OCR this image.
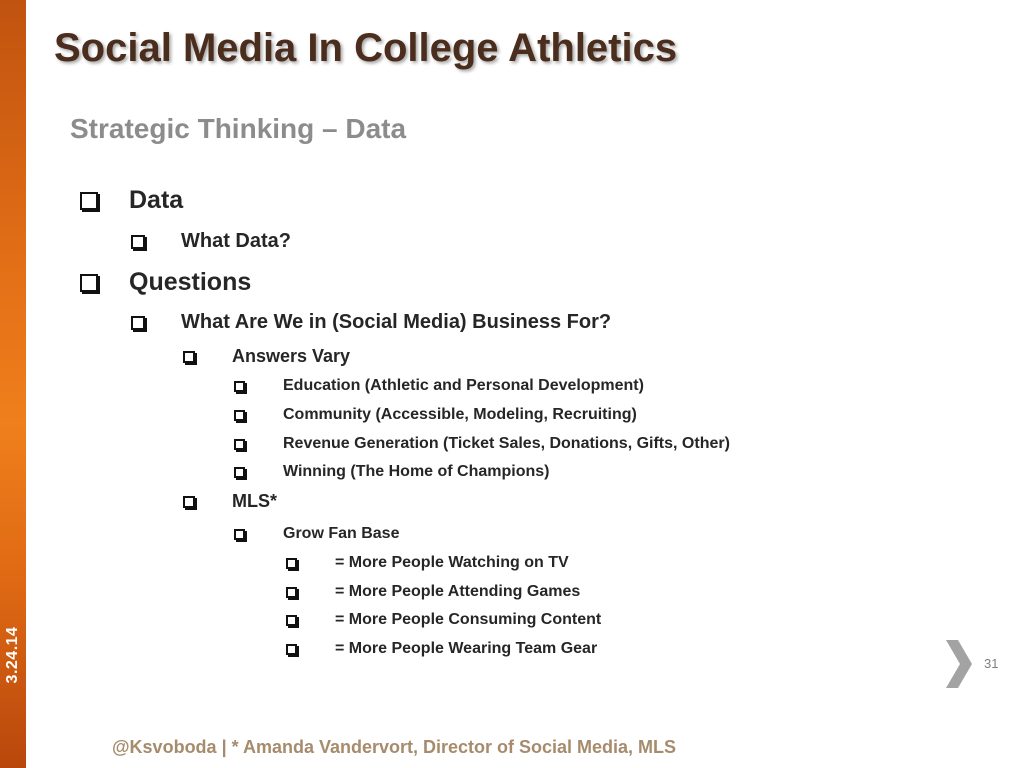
3.24.14
Social Media In College Athletics
Strategic Thinking – Data
Data
What Data?
Questions
What Are We in (Social Media) Business For?
Answers Vary
Education (Athletic and Personal Development)
Community (Accessible, Modeling, Recruiting)
Revenue Generation (Ticket Sales, Donations, Gifts, Other)
Winning (The Home of Champions)
MLS*
Grow Fan Base
= More People Watching on TV
= More People Attending Games
= More People Consuming Content
= More People Wearing Team Gear
31
@Ksvoboda | * Amanda Vandervort, Director of Social Media, MLS
